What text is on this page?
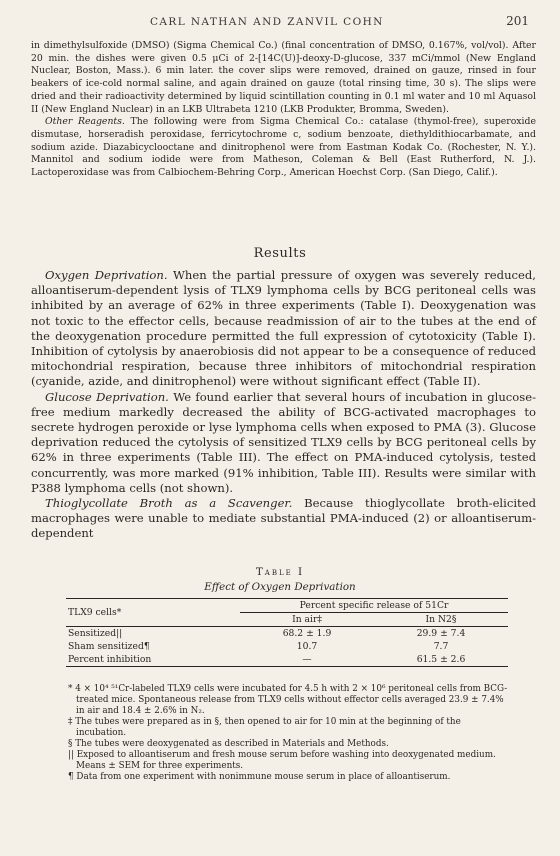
CARL NATHAN AND ZANVIL COHN	201

in dimethylsulfoxide (DMSO) (Sigma Chemical Co.) (final concentration of DMSO, 0.167%, vol/vol). After 20 min. the dishes were given 0.5 μCi of 2-[14C(U)]-deoxy-D-glucose, 337 mCi/mmol (New England Nuclear, Boston, Mass.). 6 min later. the cover slips were removed, drained on gauze, rinsed in four beakers of ice-cold normal saline, and again drained on gauze (total rinsing time, 30 s). The slips were dried and their radioactivity determined by liquid scintillation counting in 0.1 ml water and 10 ml Aquasol II (New England Nuclear) in an LKB Ultrabeta 1210 (LKB Produkter, Bromma, Sweden).

Other Reagents. The following were from Sigma Chemical Co.: catalase (thymol-free), superoxide dismutase, horseradish peroxidase, ferricytochrome c, sodium benzoate, diethyldithiocarbamate, and sodium azide. Diazabicyclooctane and dinitrophenol were from Eastman Kodak Co. (Rochester, N. Y.). Mannitol and sodium iodide were from Matheson, Coleman & Bell (East Rutherford, N. J.). Lactoperoxidase was from Calbiochem-Behring Corp., American Hoechst Corp. (San Diego, Calif.).

Results

Oxygen Deprivation. When the partial pressure of oxygen was severely reduced, alloantiserum-dependent lysis of TLX9 lymphoma cells by BCG peritoneal cells was inhibited by an average of 62% in three experiments (Table I). Deoxygenation was not toxic to the effector cells, because readmission of air to the tubes at the end of the deoxygenation procedure permitted the full expression of cytotoxicity (Table I). Inhibition of cytolysis by anaerobiosis did not appear to be a consequence of reduced mitochondrial respiration, because three inhibitors of mitochondrial respiration (cyanide, azide, and dinitrophenol) were without significant effect (Table II).

Glucose Deprivation. We found earlier that several hours of incubation in glucose-free medium markedly decreased the ability of BCG-activated macrophages to secrete hydrogen peroxide or lyse lymphoma cells when exposed to PMA (3). Glucose deprivation reduced the cytolysis of sensitized TLX9 cells by BCG peritoneal cells by 62% in three experiments (Table III). The effect on PMA-induced cytolysis, tested concurrently, was more marked (91% inhibition, Table III). Results were similar with P388 lymphoma cells (not shown).

Thioglycollate Broth as a Scavenger. Because thioglycollate broth-elicited macrophages were unable to mediate substantial PMA-induced (2) or alloantiserum-dependent

Table I
Effect of Oxygen Deprivation
TLX9 cells*	Percent specific release of 51Cr	
	In air‡	In N2§
Sensitized||	68.2 ± 1.9	29.9 ± 7.4
Sham sensitized¶	10.7	7.7
Percent inhibition	—	61.5 ± 2.6

* 4 × 10⁴ ⁵¹Cr-labeled TLX9 cells were incubated for 4.5 h with 2 × 10⁶ peritoneal cells from BCG-treated mice. Spontaneous release from TLX9 cells without effector cells averaged 23.9 ± 7.4% in air and 18.4 ± 2.6% in N₂.

‡ The tubes were prepared as in §, then opened to air for 10 min at the beginning of the incubation.

§ The tubes were deoxygenated as described in Materials and Methods.

|| Exposed to alloantiserum and fresh mouse serum before washing into deoxygenated medium. Means ± SEM for three experiments.

¶ Data from one experiment with nonimmune mouse serum in place of alloantiserum.
